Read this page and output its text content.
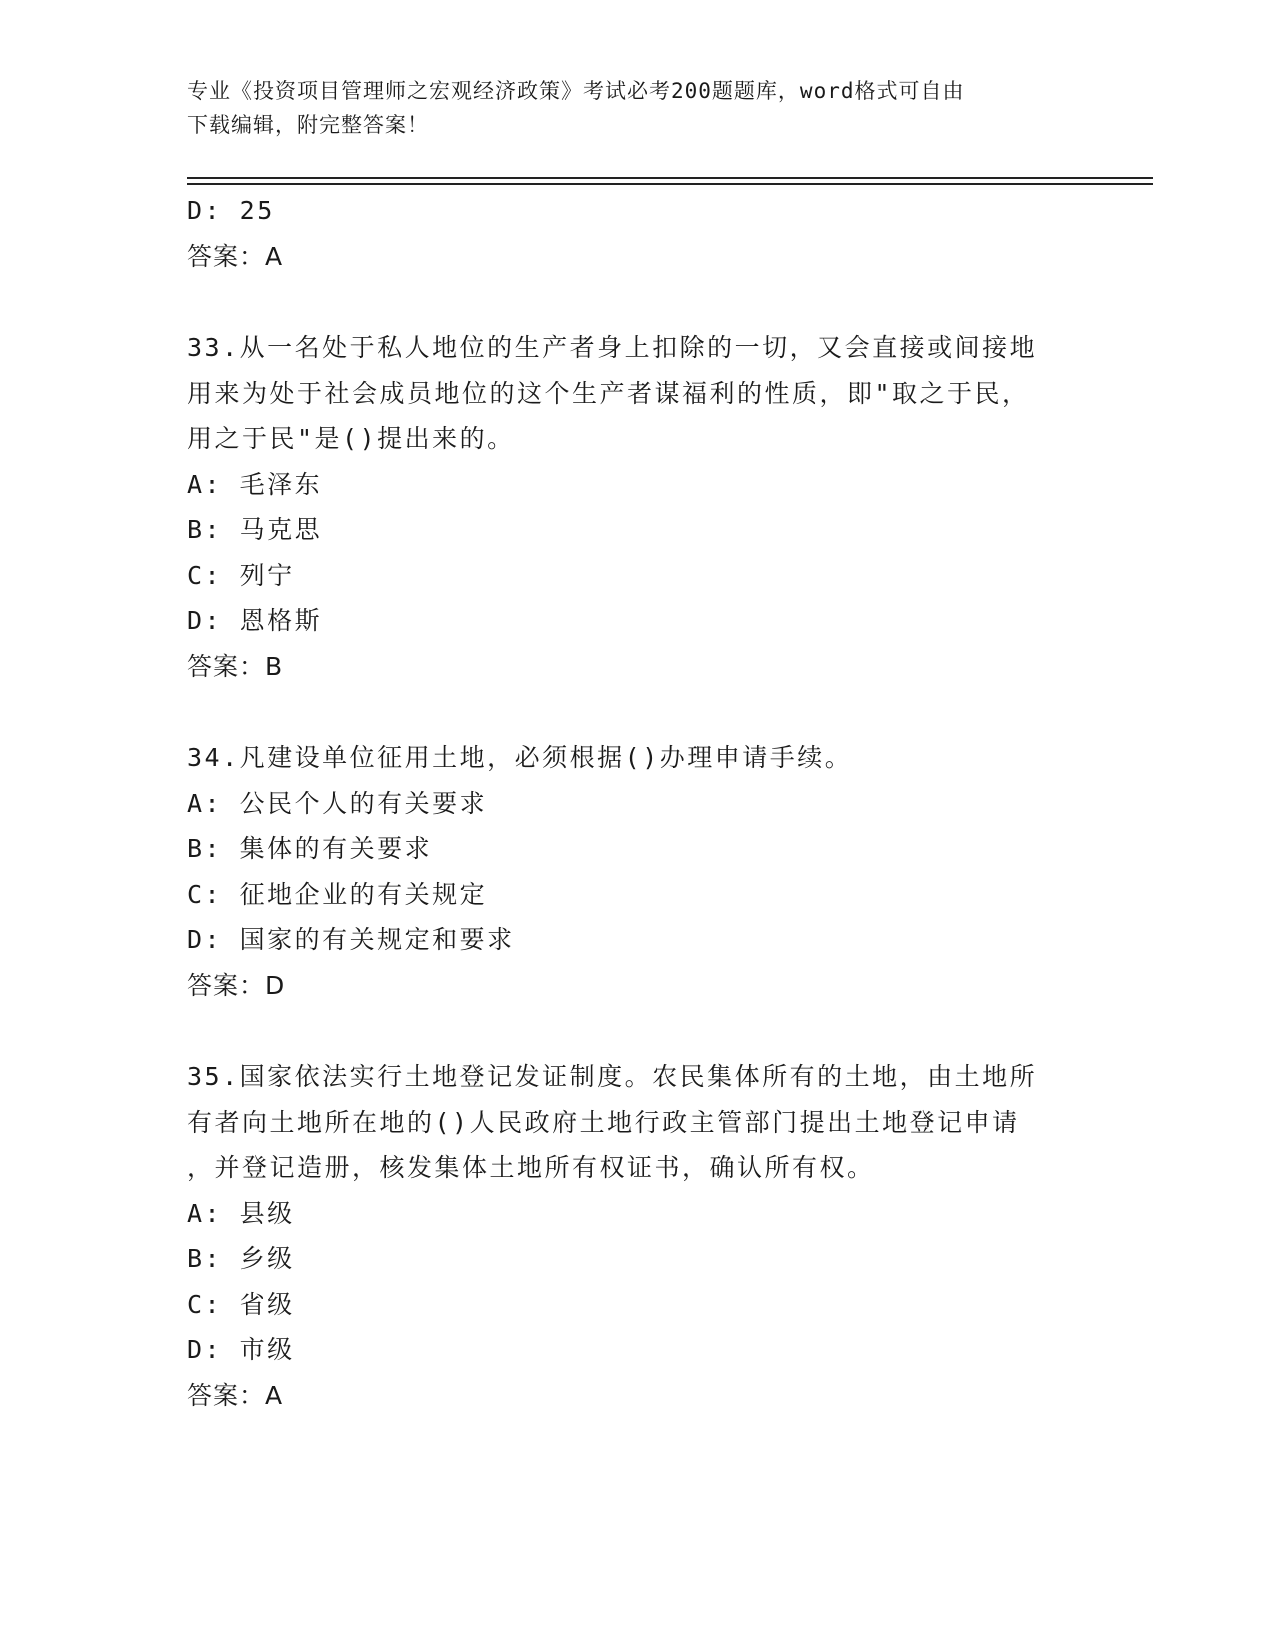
专业《投资项目管理师之宏观经济政策》考试必考200题题库，word格式可自由
下载编辑，附完整答案！
D: 25
答案：A
33.从一名处于私人地位的生产者身上扣除的一切，又会直接或间接地
用来为处于社会成员地位的这个生产者谋福利的性质，即"取之于民，
用之于民"是()提出来的。
A: 毛泽东
B: 马克思
C: 列宁
D: 恩格斯
答案：B
34.凡建设单位征用土地，必须根据()办理申请手续。
A: 公民个人的有关要求
B: 集体的有关要求
C: 征地企业的有关规定
D: 国家的有关规定和要求
答案：D
35.国家依法实行土地登记发证制度。农民集体所有的土地，由土地所
有者向土地所在地的()人民政府土地行政主管部门提出土地登记申请
，并登记造册，核发集体土地所有权证书，确认所有权。
A: 县级
B: 乡级
C: 省级
D: 市级
答案：A
